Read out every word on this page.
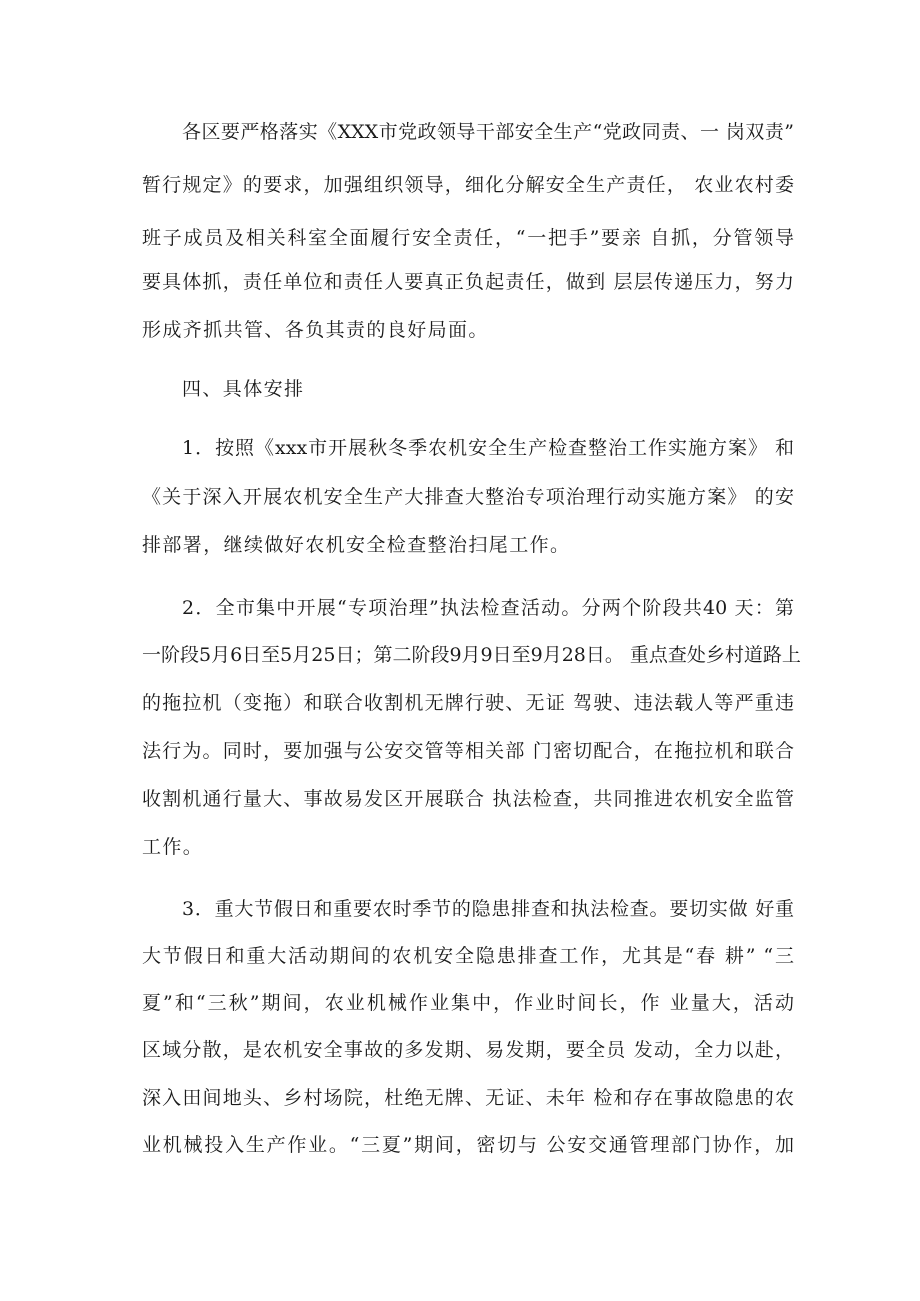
各区要严格落实《XXX市党政领导干部安全生产“党政同责、一 岗双责”
暂行规定》的要求，加强组织领导，细化分解安全生产责任， 农业农村委
班子成员及相关科室全面履行安全责任，“一把手”要亲 自抓，分管领导
要具体抓，责任单位和责任人要真正负起责任，做到 层层传递压力，努力
形成齐抓共管、各负其责的良好局面。
四、具体安排
1．按照《xxx市开展秋冬季农机安全生产检查整治工作实施方案》 和
《关于深入开展农机安全生产大排查大整治专项治理行动实施方案》 的安
排部署，继续做好农机安全检查整治扫尾工作。
2．全市集中开展“专项治理”执法检查活动。分两个阶段共40 天：第
一阶段5月6日至5月25日；第二阶段9月9日至9月28日。 重点查处乡村道路上
的拖拉机（变拖）和联合收割机无牌行驶、无证 驾驶、违法载人等严重违
法行为。同时，要加强与公安交管等相关部 门密切配合，在拖拉机和联合
收割机通行量大、事故易发区开展联合 执法检查，共同推进农机安全监管
工作。
3．重大节假日和重要农时季节的隐患排查和执法检查。要切实做 好重
大节假日和重大活动期间的农机安全隐患排查工作，尤其是“春 耕” “三
夏”和“三秋”期间，农业机械作业集中，作业时间长，作 业量大，活动
区域分散，是农机安全事故的多发期、易发期，要全员 发动，全力以赴，
深入田间地头、乡村场院，杜绝无牌、无证、未年 检和存在事故隐患的农
业机械投入生产作业。“三夏”期间，密切与 公安交通管理部门协作，加
